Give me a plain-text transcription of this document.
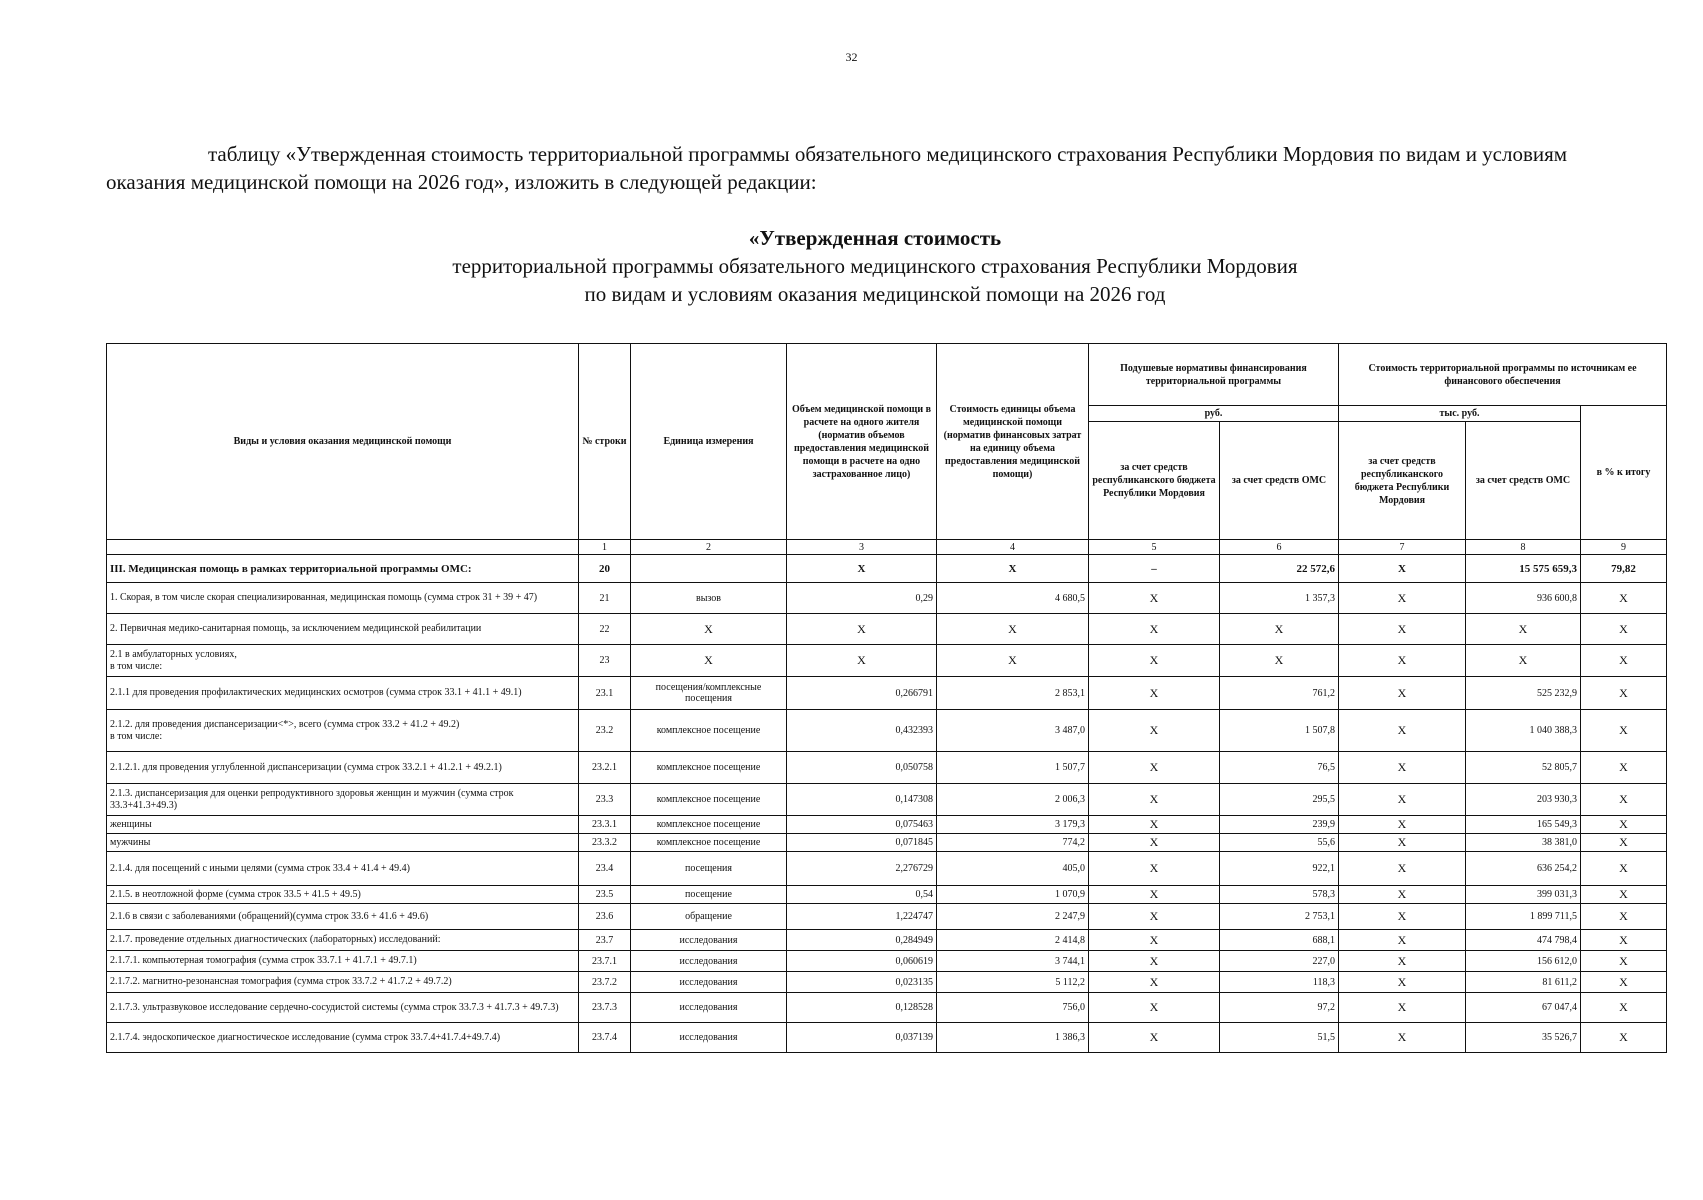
32
таблицу «Утвержденная стоимость территориальной программы обязательного медицинского страхования Республики Мордовия по видам и условиям оказания медицинской помощи на 2026 год», изложить в следующей редакции:
«Утвержденная стоимость
территориальной программы обязательного медицинского страхования Республики Мордовия
по видам и условиям оказания медицинской помощи на 2026 год
Виды и условия оказания медицинской помощи	№ строки	Единица измерения	Объем медицинской помощи в расчете на одного жителя (норматив объемов предоставления медицинской помощи в расчете на одно застрахованное лицо)	Стоимость единицы объема медицинской помощи (норматив финансовых затрат на единицу объема предоставления медицинской помощи)	Подушевые нормативы финансирования территориальной программы		Стоимость территориальной программы по источникам ее финансового обеспечения		
					руб.		тыс. руб.		в % к итогу
					за счет средств республиканского бюджета Республики Мордовия	за счет средств ОМС	за счет средств республиканского бюджета Республики Мордовия	за счет средств ОМС	
	1	2	3	4	5	6	7	8	9
III. Медицинская помощь в рамках территориальной программы ОМС:	20		X	X	–	22 572,6	X	15 575 659,3	79,82
1. Скорая, в том числе скорая специализированная, медицинская помощь (сумма строк 31 + 39 + 47)	21	вызов	0,29	4 680,5	X	1 357,3	X	936 600,8	X
2. Первичная медико-санитарная помощь, за исключением медицинской реабилитации	22	X	X	X	X	X	X	X	X
2.1 в амбулаторных условиях,
в том числе:	23	X	X	X	X	X	X	X	X
2.1.1 для проведения профилактических медицинских осмотров (сумма строк 33.1 + 41.1 + 49.1)	23.1	посещения/комплексные посещения	0,266791	2 853,1	X	761,2	X	525 232,9	X
2.1.2. для проведения диспансеризации<*>, всего (сумма строк 33.2 + 41.2 + 49.2)
в том числе:	23.2	комплексное посещение	0,432393	3 487,0	X	1 507,8	X	1 040 388,3	X
2.1.2.1. для проведения углубленной диспансеризации (сумма строк 33.2.1 + 41.2.1 + 49.2.1)	23.2.1	комплексное посещение	0,050758	1 507,7	X	76,5	X	52 805,7	X
2.1.3. диспансеризация для оценки репродуктивного здоровья женщин и мужчин (сумма строк 33.3+41.3+49.3)	23.3	комплексное посещение	0,147308	2 006,3	X	295,5	X	203 930,3	X
женщины	23.3.1	комплексное посещение	0,075463	3 179,3	X	239,9	X	165 549,3	X
мужчины	23.3.2	комплексное посещение	0,071845	774,2	X	55,6	X	38 381,0	X
2.1.4. для посещений с иными целями (сумма строк 33.4 + 41.4 + 49.4)	23.4	посещения	2,276729	405,0	X	922,1	X	636 254,2	X
2.1.5. в неотложной форме (сумма строк 33.5 + 41.5 + 49.5)	23.5	посещение	0,54	1 070,9	X	578,3	X	399 031,3	X
2.1.6 в связи с заболеваниями (обращений)(сумма строк 33.6 + 41.6 + 49.6)	23.6	обращение	1,224747	2 247,9	X	2 753,1	X	1 899 711,5	X
2.1.7. проведение отдельных диагностических (лабораторных) исследований:	23.7	исследования	0,284949	2 414,8	X	688,1	X	474 798,4	X
2.1.7.1. компьютерная томография (сумма строк 33.7.1 + 41.7.1 + 49.7.1)	23.7.1	исследования	0,060619	3 744,1	X	227,0	X	156 612,0	X
2.1.7.2. магнитно-резонансная томография (сумма строк 33.7.2 + 41.7.2 + 49.7.2)	23.7.2	исследования	0,023135	5 112,2	X	118,3	X	81 611,2	X
2.1.7.3. ультразвуковое исследование сердечно-сосудистой системы (сумма строк 33.7.3 + 41.7.3 + 49.7.3)	23.7.3	исследования	0,128528	756,0	X	97,2	X	67 047,4	X
2.1.7.4. эндоскопическое диагностическое исследование (сумма строк 33.7.4+41.7.4+49.7.4)	23.7.4	исследования	0,037139	1 386,3	X	51,5	X	35 526,7	X
